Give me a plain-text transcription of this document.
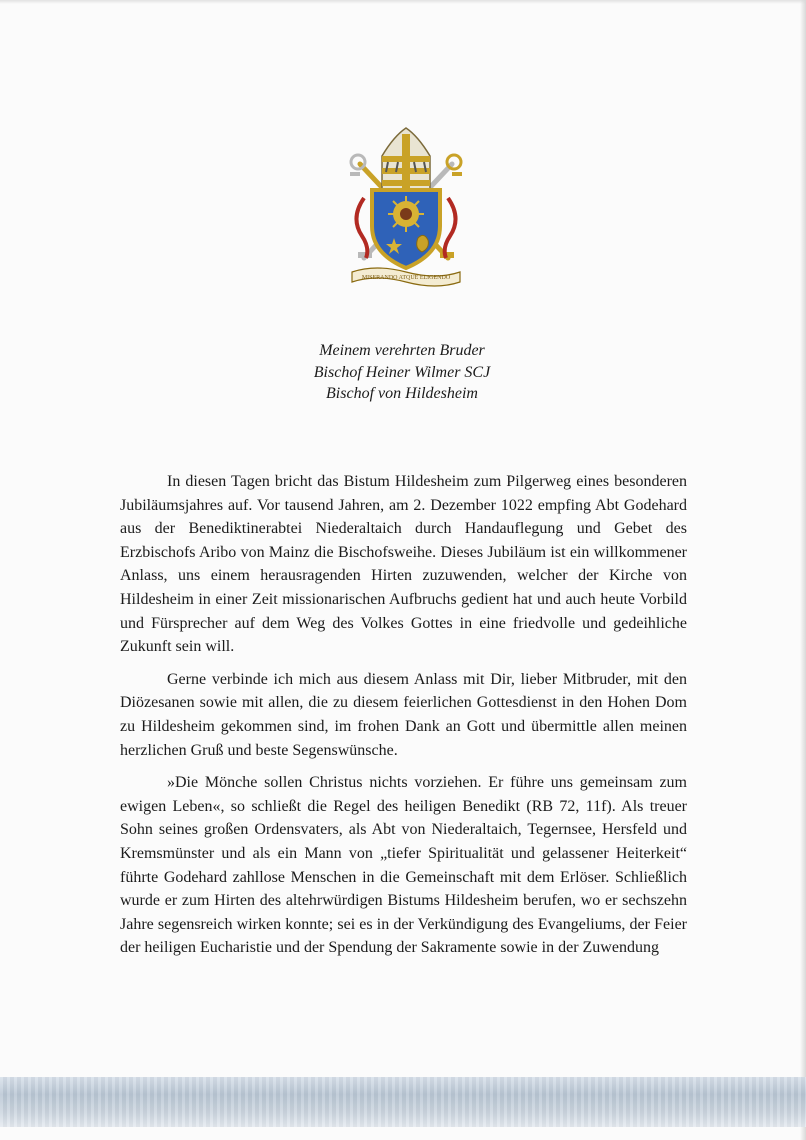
MISERANDO ATQUE ELIGENDO
Meinem verehrten Bruder
Bischof Heiner Wilmer SCJ
Bischof von Hildesheim

In diesen Tagen bricht das Bistum Hildesheim zum Pilgerweg eines besonderen Jubiläumsjahres auf. Vor tausend Jahren, am 2. Dezember 1022 empfing Abt Godehard aus der Benediktinerabtei Niederaltaich durch Handauflegung und Gebet des Erzbischofs Aribo von Mainz die Bischofsweihe. Dieses Jubiläum ist ein willkommener Anlass, uns einem herausragenden Hirten zuzuwenden, welcher der Kirche von Hildesheim in einer Zeit missionarischen Aufbruchs gedient hat und auch heute Vorbild und Fürsprecher auf dem Weg des Volkes Gottes in eine friedvolle und gedeihliche Zukunft sein will.

Gerne verbinde ich mich aus diesem Anlass mit Dir, lieber Mitbruder, mit den Diözesanen sowie mit allen, die zu diesem feierlichen Gottesdienst in den Hohen Dom zu Hildesheim gekommen sind, im frohen Dank an Gott und übermittle allen meinen herzlichen Gruß und beste Segenswünsche.

»Die Mönche sollen Christus nichts vorziehen. Er führe uns gemeinsam zum ewigen Leben«, so schließt die Regel des heiligen Benedikt (RB 72, 11f). Als treuer Sohn seines großen Ordensvaters, als Abt von Niederaltaich, Tegernsee, Hersfeld und Kremsmünster und als ein Mann von „tiefer Spiritualität und gelassener Heiterkeit“ führte Godehard zahllose Menschen in die Gemeinschaft mit dem Erlöser. Schließlich wurde er zum Hirten des altehrwürdigen Bistums Hildesheim berufen, wo er sechszehn Jahre segensreich wirken konnte; sei es in der Verkündigung des Evangeliums, der Feier der heiligen Eucharistie und der Spendung der Sakramente sowie in der Zuwendung
